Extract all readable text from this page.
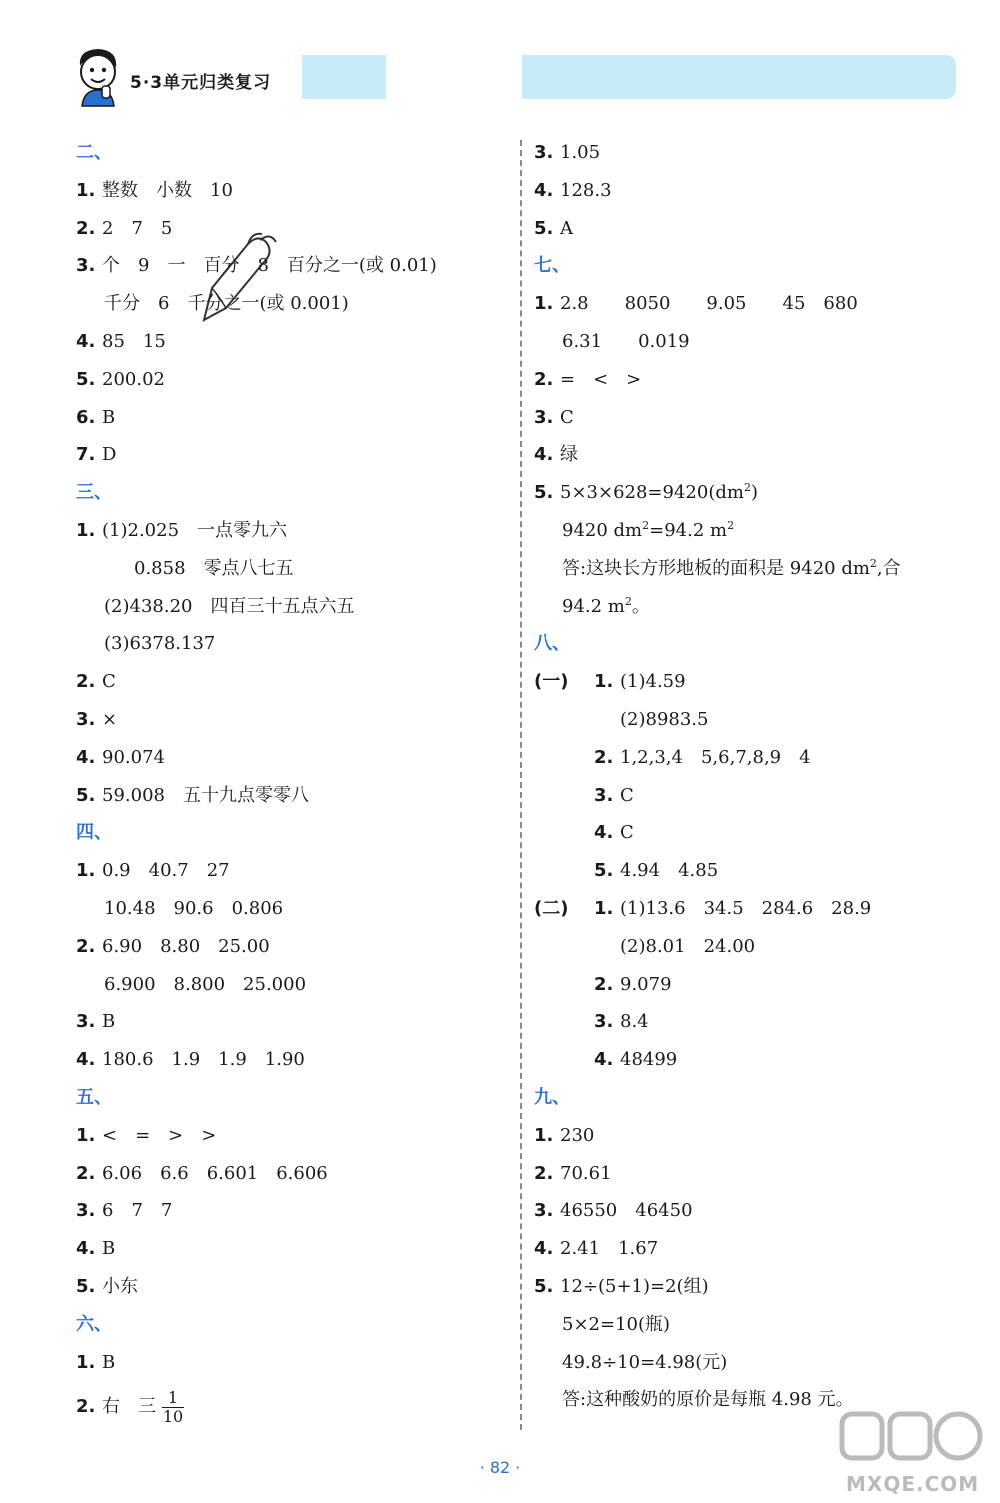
5·3单元归类复习
二、
1. 整数　小数　10
2. 2　7　5
3. 个　9　一　百分　8　百分之一(或 0.01)
千分　6　千分之一(或 0.001)
4. 85　15
5. 200.02
6. B
7. D
三、
1. (1)2.025　一点零九六
0.858　零点八七五
(2)438.20　四百三十五点六五
(3)6378.137
2. C
3. ×
4. 90.074
5. 59.008　五十九点零零八
四、
1. 0.9　40.7　27
10.48　90.6　0.806
2. 6.90　8.80　25.00
6.900　8.800　25.000
3. B
4. 180.6　1.9　1.9　1.90
五、
1. <　=　>　>
2. 6.06　6.6　6.601　6.606
3. 6　7　7
4. B
5. 小东
六、
1. B
2. 右　三 $\frac{1}{10}$
3. 1.05
4. 128.3
5. A
七、
1. 2.8　　8050　　9.05　　45　680
6.31　　0.019
2. =　<　>
3. C
4. 绿
5. $5\times 3\times 628=9420(dm^2)$
9420 $dm^2=94.2$ $m^2$
答:这块长方形地板的面积是 9420 $dm^2$,合
94.2 $m^2$。
八、
(一) 1. (1)4.59
(2)8983.5
2. 1,2,3,4　5,6,7,8,9　4
3. C
4. C
5. 4.94　4.85
(二) 1. (1)13.6　34.5　284.6　28.9
(2)8.01　24.00
2. 9.079
3. 8.4
4. 48499
九、
1. 230
2. 70.61
3. 46550　46450
4. 2.41　1.67
5. 12÷(5+1)=2(组)
5×2=10(瓶)
49.8÷10=4.98(元)
答:这种酸奶的原价是每瓶 4.98 元。
· 82 ·
MXQE.COM
